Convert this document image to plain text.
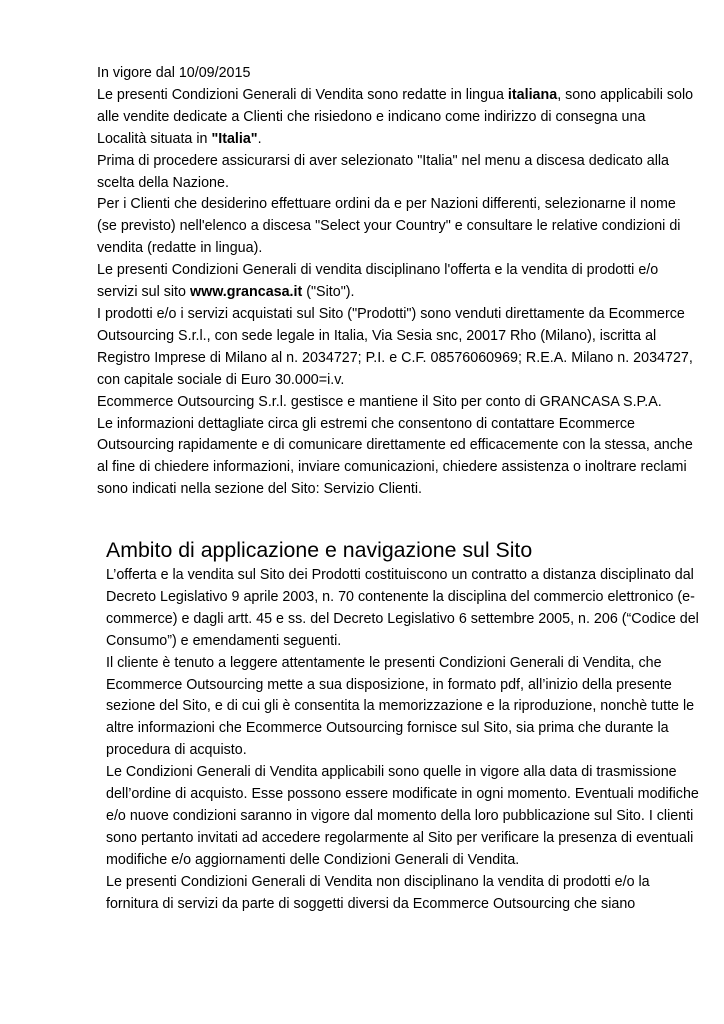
In vigore dal 10/09/2015

Le presenti Condizioni Generali di Vendita sono redatte in lingua italiana, sono applicabili solo alle vendite dedicate a Clienti che risiedono e indicano come indirizzo di consegna una Località situata in "Italia".

Prima di procedere assicurarsi di aver selezionato "Italia" nel menu a discesa dedicato alla scelta della Nazione.

Per i Clienti che desiderino effettuare ordini da e per Nazioni differenti, selezionarne il nome (se previsto) nell'elenco a discesa "Select your Country" e consultare le relative condizioni di vendita (redatte in lingua).

Le presenti Condizioni Generali di vendita disciplinano l'offerta e la vendita di prodotti e/o servizi sul sito www.grancasa.it ("Sito").

I prodotti e/o i servizi acquistati sul Sito ("Prodotti") sono venduti direttamente da Ecommerce Outsourcing S.r.l., con sede legale in Italia, Via Sesia snc, 20017 Rho (Milano), iscritta al Registro Imprese di Milano al n. 2034727; P.I. e C.F. 08576060969; R.E.A. Milano n. 2034727, con capitale sociale di Euro 30.000=i.v.

Ecommerce Outsourcing S.r.l. gestisce e mantiene il Sito per conto di GRANCASA S.P.A.

Le informazioni dettagliate circa gli estremi che consentono di contattare Ecommerce Outsourcing rapidamente e di comunicare direttamente ed efficacemente con la stessa, anche al fine di chiedere informazioni, inviare comunicazioni, chiedere assistenza o inoltrare reclami sono indicati nella sezione del Sito: Servizio Clienti.

Ambito di applicazione e navigazione sul Sito

L’offerta e la vendita sul Sito dei Prodotti costituiscono un contratto a distanza disciplinato dal Decreto Legislativo 9 aprile 2003, n. 70 contenente la disciplina del commercio elettronico (e-commerce) e dagli artt. 45 e ss. del Decreto Legislativo 6 settembre 2005, n. 206 (“Codice del Consumo”) e emendamenti seguenti.

Il cliente è tenuto a leggere attentamente le presenti Condizioni Generali di Vendita, che Ecommerce Outsourcing mette a sua disposizione, in formato pdf, all’inizio della presente sezione del Sito, e di cui gli è consentita la memorizzazione e la riproduzione, nonchè tutte le altre informazioni che Ecommerce Outsourcing fornisce sul Sito, sia prima che durante la procedura di acquisto.

Le Condizioni Generali di Vendita applicabili sono quelle in vigore alla data di trasmissione dell’ordine di acquisto. Esse possono essere modificate in ogni momento. Eventuali modifiche e/o nuove condizioni saranno in vigore dal momento della loro pubblicazione sul Sito. I clienti sono pertanto invitati ad accedere regolarmente al Sito per verificare la presenza di eventuali modifiche e/o aggiornamenti delle Condizioni Generali di Vendita.

Le presenti Condizioni Generali di Vendita non disciplinano la vendita di prodotti e/o la fornitura di servizi da parte di soggetti diversi da Ecommerce Outsourcing che siano
